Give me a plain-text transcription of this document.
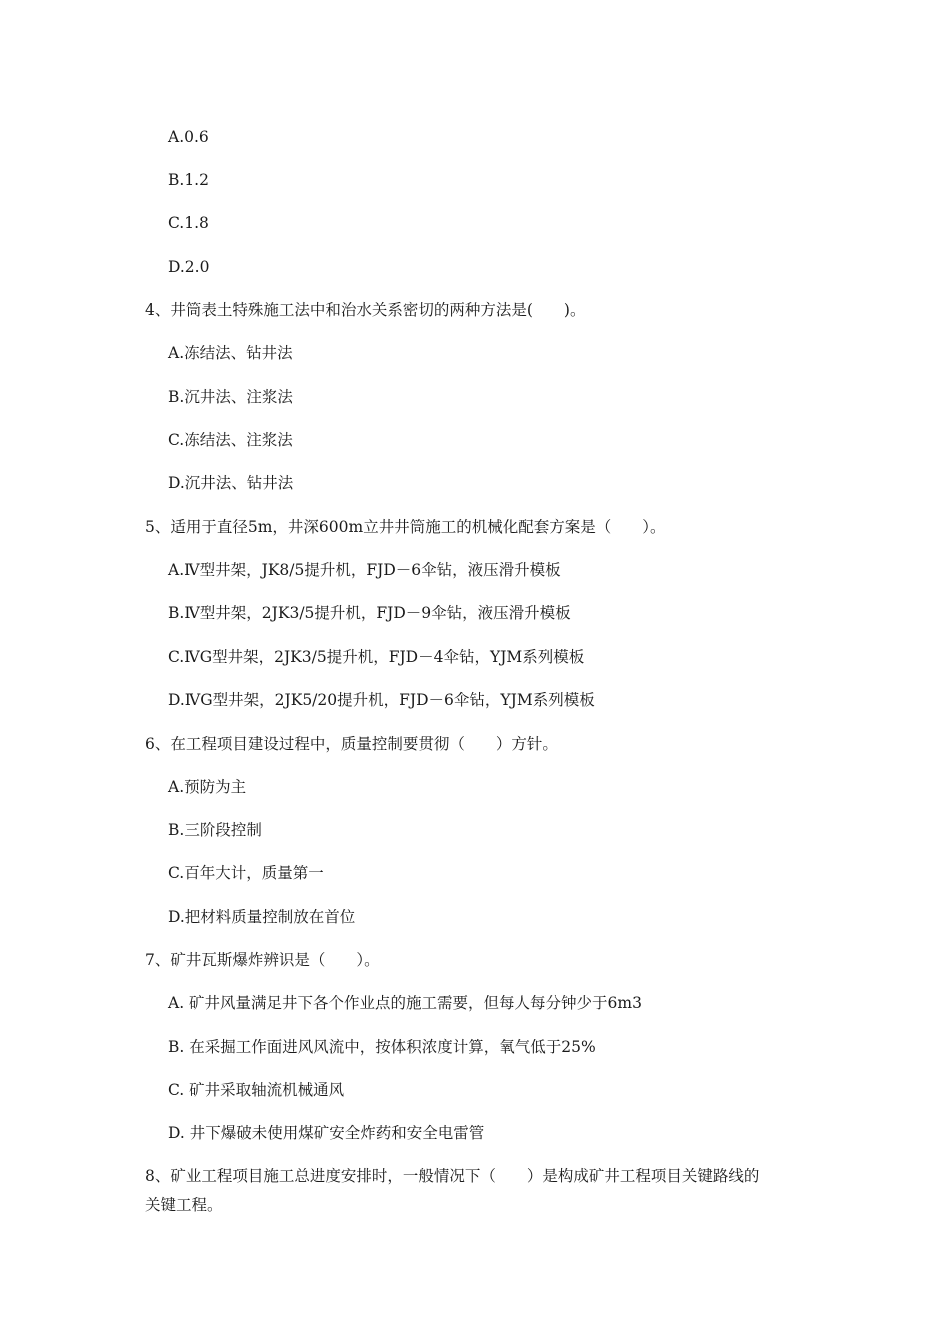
A.0.6
B.1.2
C.1.8
D.2.0
4、井筒表土特殊施工法中和治水关系密切的两种方法是(　　)。
A.冻结法、钻井法
B.沉井法、注浆法
C.冻结法、注浆法
D.沉井法、钻井法
5、适用于直径5m，井深600m立井井筒施工的机械化配套方案是（　　）。
A.Ⅳ型井架，JK8/5提升机，FJD－6伞钻，液压滑升模板
B.Ⅳ型井架，2JK3/5提升机，FJD－9伞钻，液压滑升模板
C.ⅣG型井架，2JK3/5提升机，FJD－4伞钻，YJM系列模板
D.ⅣG型井架，2JK5/20提升机，FJD－6伞钻，YJM系列模板
6、在工程项目建设过程中，质量控制要贯彻（　　）方针。
A.预防为主
B.三阶段控制
C.百年大计，质量第一
D.把材料质量控制放在首位
7、矿井瓦斯爆炸辨识是（　　）。
A. 矿井风量满足井下各个作业点的施工需要，但每人每分钟少于6m3
B. 在采掘工作面进风风流中，按体积浓度计算，氧气低于25%
C. 矿井采取轴流机械通风
D. 井下爆破未使用煤矿安全炸药和安全电雷管
8、矿业工程项目施工总进度安排时，一般情况下（　　）是构成矿井工程项目关键路线的
关键工程。
